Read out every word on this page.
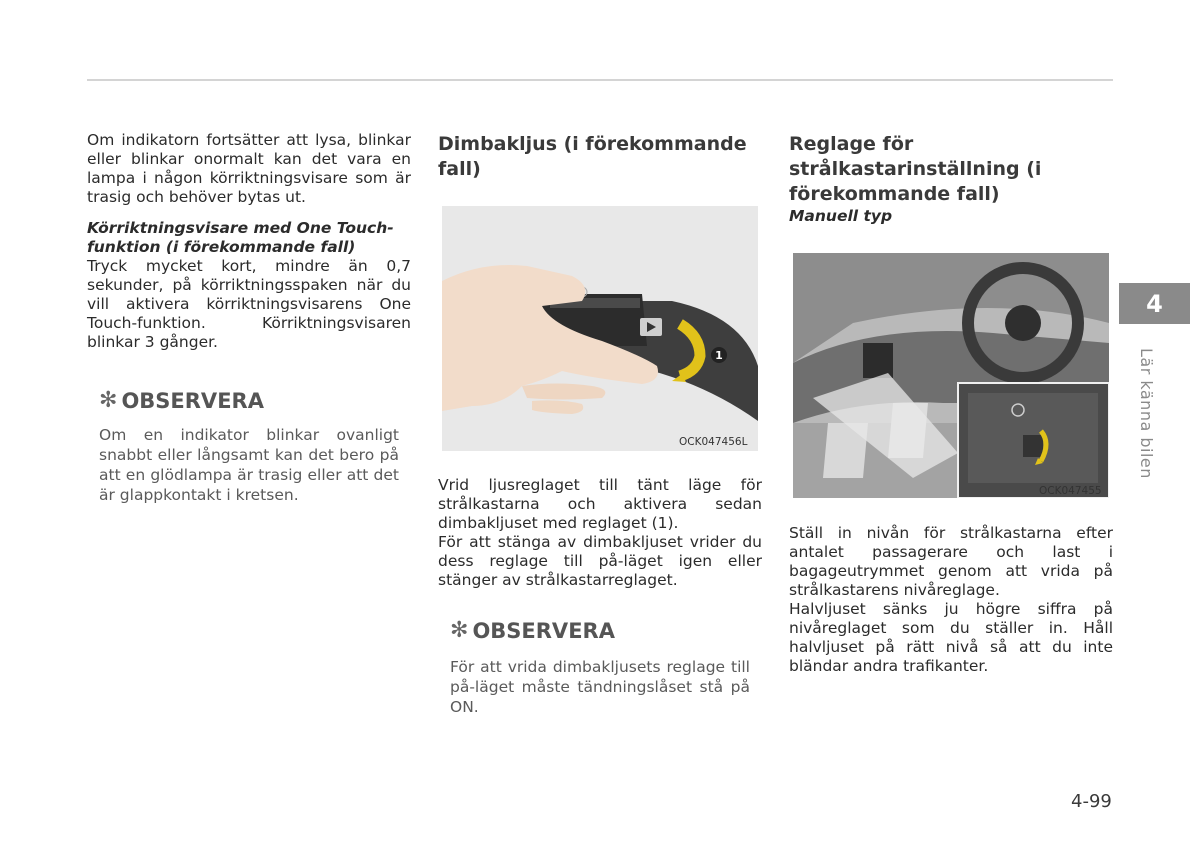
Om indikatorn fortsätter att lysa, blinkar eller blinkar onormalt kan det vara en lampa i någon körriktningsvisare som är trasig och behöver bytas ut.

Körriktningsvisare med One Touch-funktion (i förekommande fall)

Tryck mycket kort, mindre än 0,7 sekunder, på körriktningsspaken när du vill aktivera körriktningsvisarens One Touch-funktion. Körriktningsvisaren blinkar 3 gånger.
✻ OBSERVERA

Om en indikator blinkar ovanligt snabbt eller långsamt kan det bero på att en glödlampa är trasig eller att det är glappkontakt i kretsen.

Dimbakljus (i förekommande fall)

1
OCK047456L
Vrid ljusreglaget till tänt läge för strålkastarna och aktivera sedan dimbakljuset med reglaget (1).
För att stänga av dimbakljuset vrider du dess reglage till på-läget igen eller stänger av strålkastarreglaget.
✻ OBSERVERA

För att vrida dimbakljusets reglage till på-läget måste tändningslåset stå på ON.

Reglage för strålkastarinställning (i förekommande fall)

Manuell typ

OCK047455
Ställ in nivån för strålkastarna efter antalet passagerare och last i bagageutrymmet genom att vrida på strålkastarens nivåreglage.
Halvljuset sänks ju högre siffra på nivåreglaget som du ställer in. Håll halvljuset på rätt nivå så att du inte bländar andra trafikanter.
4
Lär känna bilen
4-99
